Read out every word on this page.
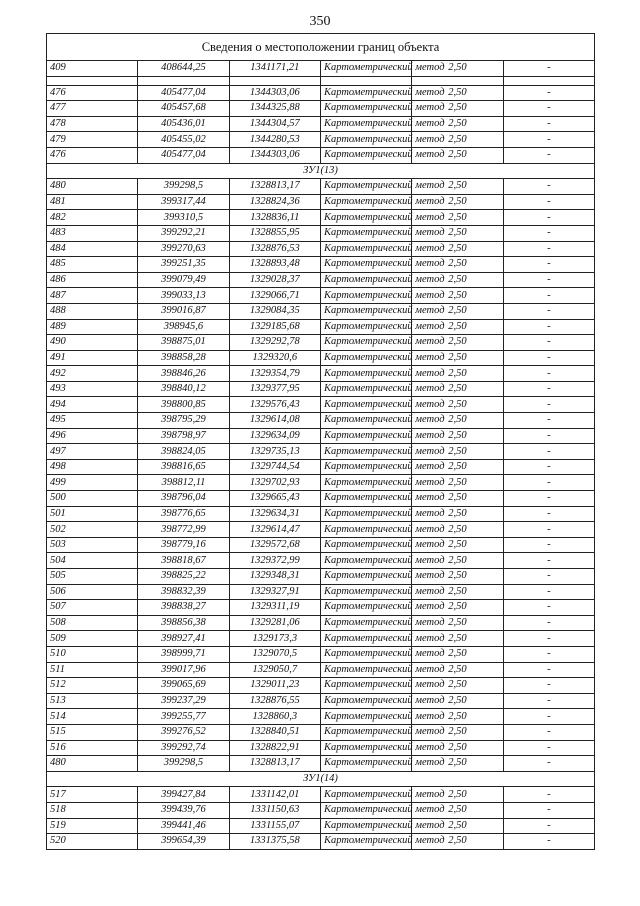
350
Сведения о местоположении границ объекта					
409	408644,25	1341171,21	Картометрический метод	2,50	-

476	405477,04	1344303,06	Картометрический метод	2,50	-
477	405457,68	1344325,88	Картометрический метод	2,50	-
478	405436,01	1344304,57	Картометрический метод	2,50	-
479	405455,02	1344280,53	Картометрический метод	2,50	-
476	405477,04	1344303,06	Картометрический метод	2,50	-
ЗУ1(13)					
480	399298,5	1328813,17	Картометрический метод	2,50	-
481	399317,44	1328824,36	Картометрический метод	2,50	-
482	399310,5	1328836,11	Картометрический метод	2,50	-
483	399292,21	1328855,95	Картометрический метод	2,50	-
484	399270,63	1328876,53	Картометрический метод	2,50	-
485	399251,35	1328893,48	Картометрический метод	2,50	-
486	399079,49	1329028,37	Картометрический метод	2,50	-
487	399033,13	1329066,71	Картометрический метод	2,50	-
488	399016,87	1329084,35	Картометрический метод	2,50	-
489	398945,6	1329185,68	Картометрический метод	2,50	-
490	398875,01	1329292,78	Картометрический метод	2,50	-
491	398858,28	1329320,6	Картометрический метод	2,50	-
492	398846,26	1329354,79	Картометрический метод	2,50	-
493	398840,12	1329377,95	Картометрический метод	2,50	-
494	398800,85	1329576,43	Картометрический метод	2,50	-
495	398795,29	1329614,08	Картометрический метод	2,50	-
496	398798,97	1329634,09	Картометрический метод	2,50	-
497	398824,05	1329735,13	Картометрический метод	2,50	-
498	398816,65	1329744,54	Картометрический метод	2,50	-
499	398812,11	1329702,93	Картометрический метод	2,50	-
500	398796,04	1329665,43	Картометрический метод	2,50	-
501	398776,65	1329634,31	Картометрический метод	2,50	-
502	398772,99	1329614,47	Картометрический метод	2,50	-
503	398779,16	1329572,68	Картометрический метод	2,50	-
504	398818,67	1329372,99	Картометрический метод	2,50	-
505	398825,22	1329348,31	Картометрический метод	2,50	-
506	398832,39	1329327,91	Картометрический метод	2,50	-
507	398838,27	1329311,19	Картометрический метод	2,50	-
508	398856,38	1329281,06	Картометрический метод	2,50	-
509	398927,41	1329173,3	Картометрический метод	2,50	-
510	398999,71	1329070,5	Картометрический метод	2,50	-
511	399017,96	1329050,7	Картометрический метод	2,50	-
512	399065,69	1329011,23	Картометрический метод	2,50	-
513	399237,29	1328876,55	Картометрический метод	2,50	-
514	399255,77	1328860,3	Картометрический метод	2,50	-
515	399276,52	1328840,51	Картометрический метод	2,50	-
516	399292,74	1328822,91	Картометрический метод	2,50	-
480	399298,5	1328813,17	Картометрический метод	2,50	-
ЗУ1(14)					
517	399427,84	1331142,01	Картометрический метод	2,50	-
518	399439,76	1331150,63	Картометрический метод	2,50	-
519	399441,46	1331155,07	Картометрический метод	2,50	-
520	399654,39	1331375,58	Картометрический метод	2,50	-
